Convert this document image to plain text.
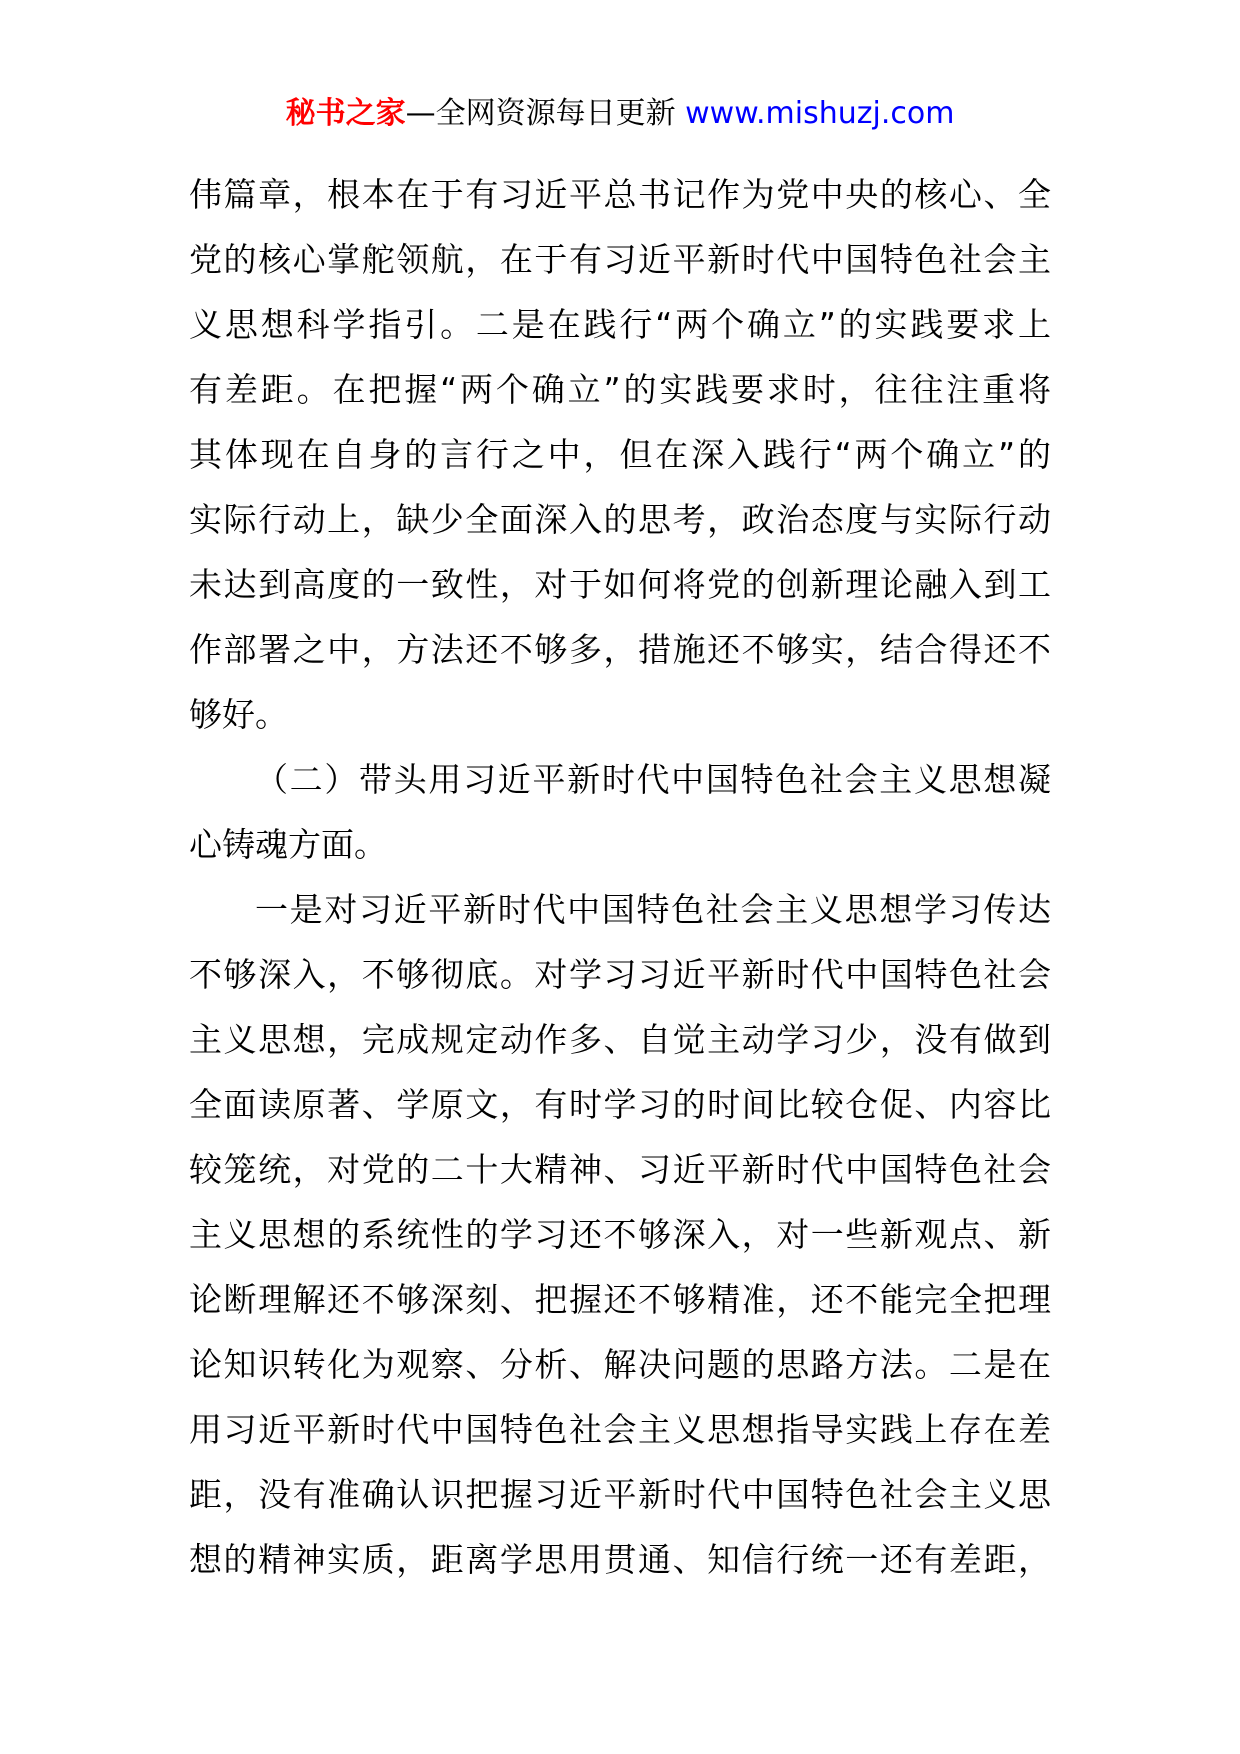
秘书之家—全网资源每日更新 www.mishuzj.com
伟篇章，根本在于有习近平总书记作为党中央的核心、全
党的核心掌舵领航，在于有习近平新时代中国特色社会主
义思想科学指引。二是在践行“两个确立”的实践要求上
有差距。在把握“两个确立”的实践要求时，往往注重将
其体现在自身的言行之中，但在深入践行“两个确立”的
实际行动上，缺少全面深入的思考，政治态度与实际行动
未达到高度的一致性，对于如何将党的创新理论融入到工
作部署之中，方法还不够多，措施还不够实，结合得还不
够好。
（二）带头用习近平新时代中国特色社会主义思想凝
心铸魂方面。
一是对习近平新时代中国特色社会主义思想学习传达
不够深入，不够彻底。对学习习近平新时代中国特色社会
主义思想，完成规定动作多、自觉主动学习少，没有做到
全面读原著、学原文，有时学习的时间比较仓促、内容比
较笼统，对党的二十大精神、习近平新时代中国特色社会
主义思想的系统性的学习还不够深入，对一些新观点、新
论断理解还不够深刻、把握还不够精准，还不能完全把理
论知识转化为观察、分析、解决问题的思路方法。二是在
用习近平新时代中国特色社会主义思想指导实践上存在差
距，没有准确认识把握习近平新时代中国特色社会主义思
想的精神实质，距离学思用贯通、知信行统一还有差距，
